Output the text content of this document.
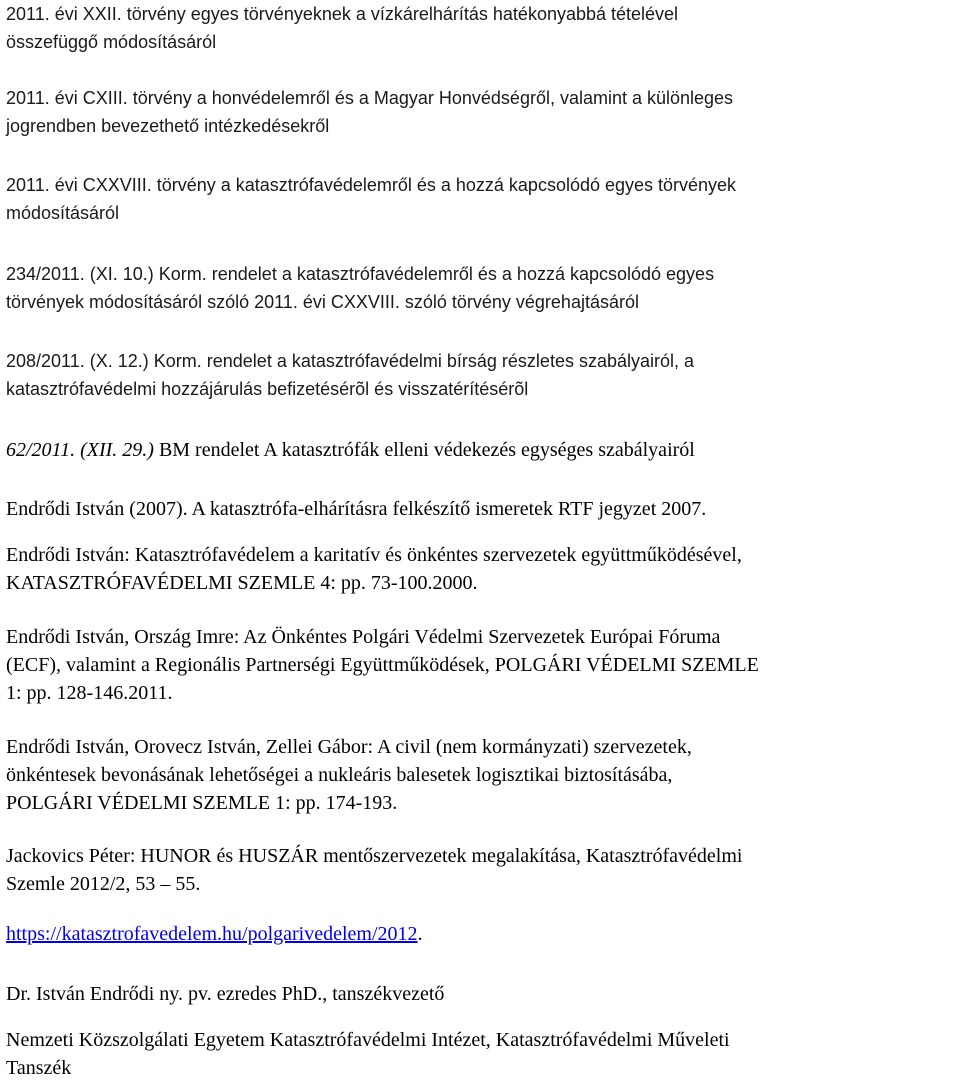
2011. évi XXII. törvény egyes törvényeknek a vízkárelhárítás hatékonyabbá tételével
összefüggő módosításáról

2011. évi CXIII. törvény a honvédelemről és a Magyar Honvédségről, valamint a különleges
jogrendben bevezethető intézkedésekről

2011. évi CXXVIII. törvény a katasztrófavédelemről és a hozzá kapcsolódó egyes törvények
módosításáról

234/2011. (XI. 10.) Korm. rendelet a katasztrófavédelemről és a hozzá kapcsolódó egyes
törvények módosításáról szóló 2011. évi CXXVIII. szóló törvény végrehajtásáról

208/2011. (X. 12.) Korm. rendelet a katasztrófavédelmi bírság részletes szabályairól, a
katasztrófavédelmi hozzájárulás befizetésérõl és visszatérítésérõl

62/2011. (XII. 29.) BM rendelet A katasztrófák elleni védekezés egységes szabályairól

Endrődi István (2007). A katasztrófa-elhárításra felkészítő ismeretek RTF jegyzet 2007.

Endrődi István: Katasztrófavédelem a karitatív és önkéntes szervezetek együttműködésével,
KATASZTRÓFAVÉDELMI SZEMLE 4: pp. 73-100.2000.

Endrődi István, Ország Imre: Az Önkéntes Polgári Védelmi Szervezetek Európai Fóruma
(ECF), valamint a Regionális Partnerségi Együttműködések, POLGÁRI VÉDELMI SZEMLE
1: pp. 128-146.2011.

Endrődi István, Orovecz István, Zellei Gábor: A civil (nem kormányzati) szervezetek,
önkéntesek bevonásának lehetőségei a nukleáris balesetek logisztikai biztosításába,
POLGÁRI VÉDELMI SZEMLE 1: pp. 174-193.

Jackovics Péter: HUNOR és HUSZÁR mentőszervezetek megalakítása, Katasztrófavédelmi
Szemle 2012/2, 53 – 55.

https://katasztrofavedelem.hu/polgarivedelem/2012.

Dr. István Endrődi ny. pv. ezredes PhD., tanszékvezető

Nemzeti Közszolgálati Egyetem Katasztrófavédelmi Intézet, Katasztrófavédelmi Műveleti
Tanszék
